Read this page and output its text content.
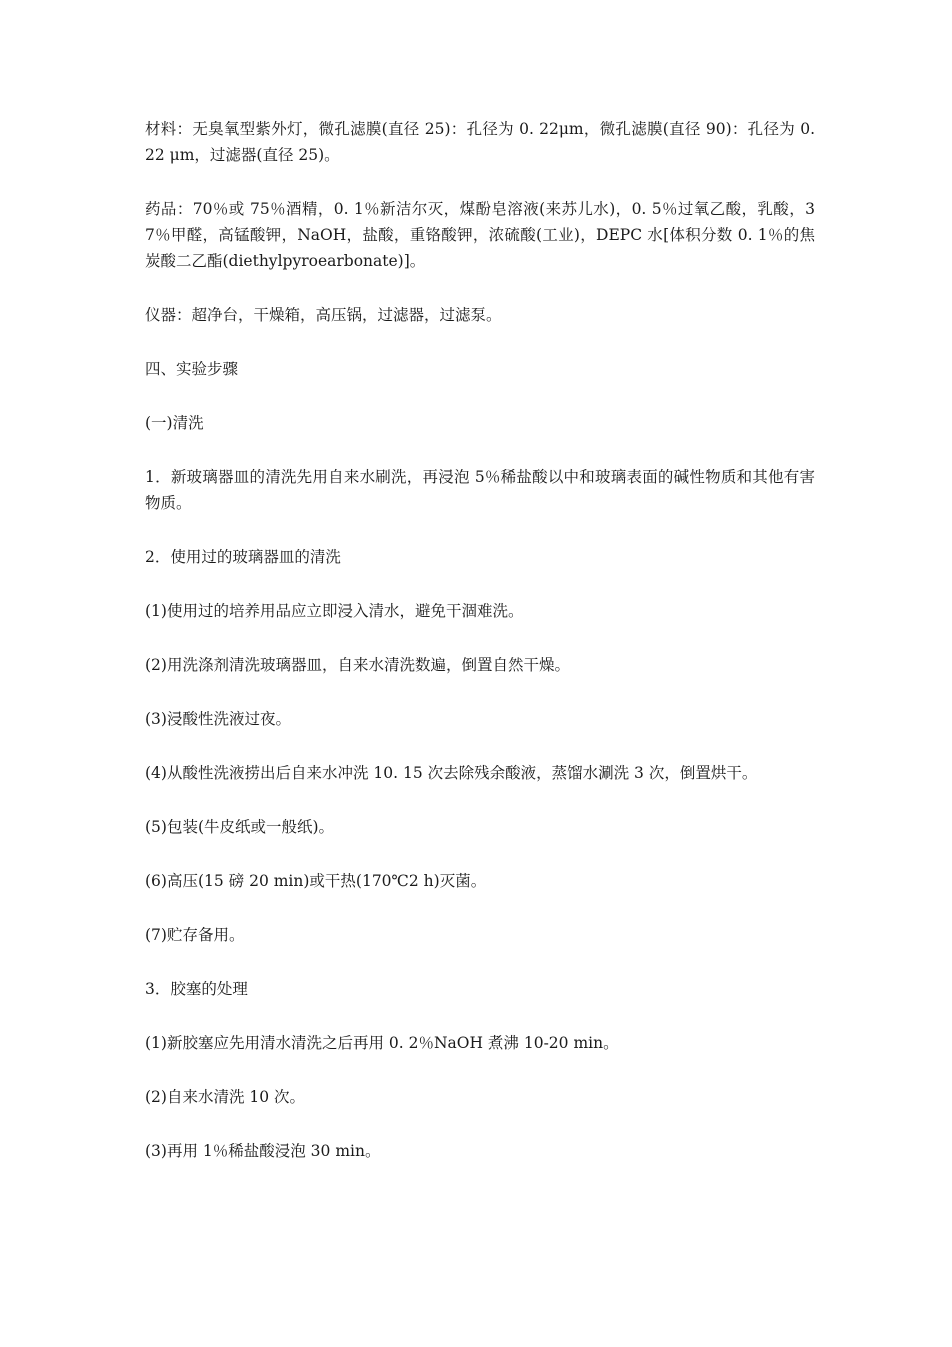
材料：无臭氧型紫外灯，微孔滤膜(直径 25)：孔径为 0. 22μm，微孔滤膜(直径 90)：孔径为 0. 22 μm，过滤器(直径 25)。

药品：70％或 75％酒精，0. 1％新洁尔灭，煤酚皂溶液(来苏儿水)，0. 5％过氧乙酸，乳酸，37％甲醛，高锰酸钾，NaOH，盐酸，重铬酸钾，浓硫酸(工业)，DEPC 水[体积分数 0. 1％的焦炭酸二乙酯(diethylpyroearbonate)]。

仪器：超净台，干燥箱，高压锅，过滤器，过滤泵。

四、实验步骤

(一)清洗

1．新玻璃器皿的清洗先用自来水刷洗，再浸泡 5％稀盐酸以中和玻璃表面的碱性物质和其他有害物质。

2．使用过的玻璃器皿的清洗

(1)使用过的培养用品应立即浸入清水，避免干涸难洗。

(2)用洗涤剂清洗玻璃器皿，自来水清洗数遍，倒置自然干燥。

(3)浸酸性洗液过夜。

(4)从酸性洗液捞出后自来水冲洗 10. 15 次去除残余酸液，蒸馏水涮洗 3 次，倒置烘干。

(5)包装(牛皮纸或一般纸)。

(6)高压(15 磅 20 min)或干热(170℃2 h)灭菌。

(7)贮存备用。

3．胶塞的处理

(1)新胶塞应先用清水清洗之后再用 0. 2％NaOH 煮沸 10-20 min。

(2)自来水清洗 10 次。

(3)再用 1％稀盐酸浸泡 30 min。
